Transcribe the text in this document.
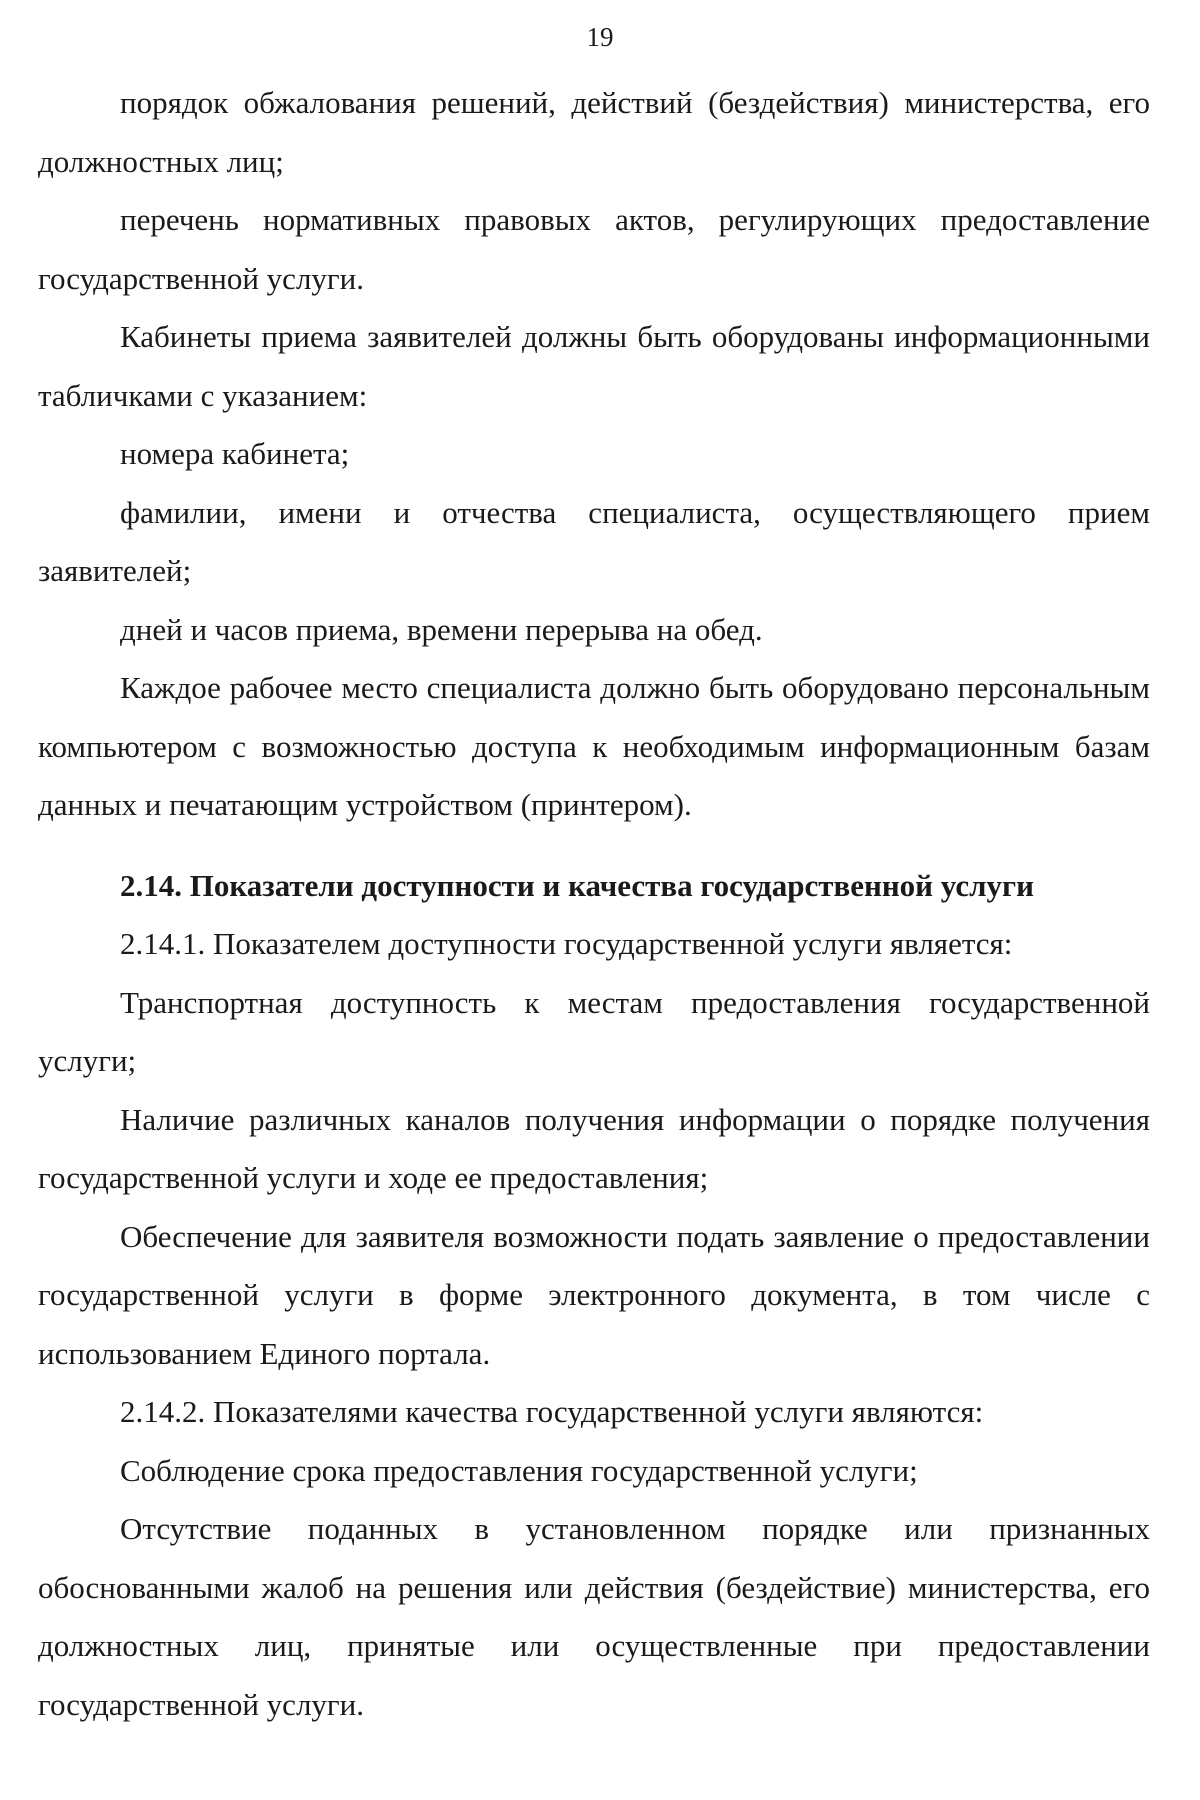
19

порядок обжалования решений, действий (бездействия) министерства, его должностных лиц;

перечень нормативных правовых актов, регулирующих предоставление государственной услуги.

Кабинеты приема заявителей должны быть оборудованы информационными табличками с указанием:

номера кабинета;

фамилии, имени и отчества специалиста, осуществляющего прием заявителей;

дней и часов приема, времени перерыва на обед.

Каждое рабочее место специалиста должно быть оборудовано персональным компьютером с возможностью доступа к необходимым информационным базам данных и печатающим устройством (принтером).

2.14. Показатели доступности и качества государственной услуги

2.14.1. Показателем доступности государственной услуги является:

Транспортная доступность к местам предоставления государственной услуги;

Наличие различных каналов получения информации о порядке получения государственной услуги и ходе ее предоставления;

Обеспечение для заявителя возможности подать заявление о предоставлении государственной услуги в форме электронного документа, в том числе с использованием Единого портала.

2.14.2. Показателями качества государственной услуги являются:

Соблюдение срока предоставления государственной услуги;

Отсутствие поданных в установленном порядке или признанных обоснованными жалоб на решения или действия (бездействие) министерства, его должностных лиц, принятые или осуществленные при предоставлении государственной услуги.
